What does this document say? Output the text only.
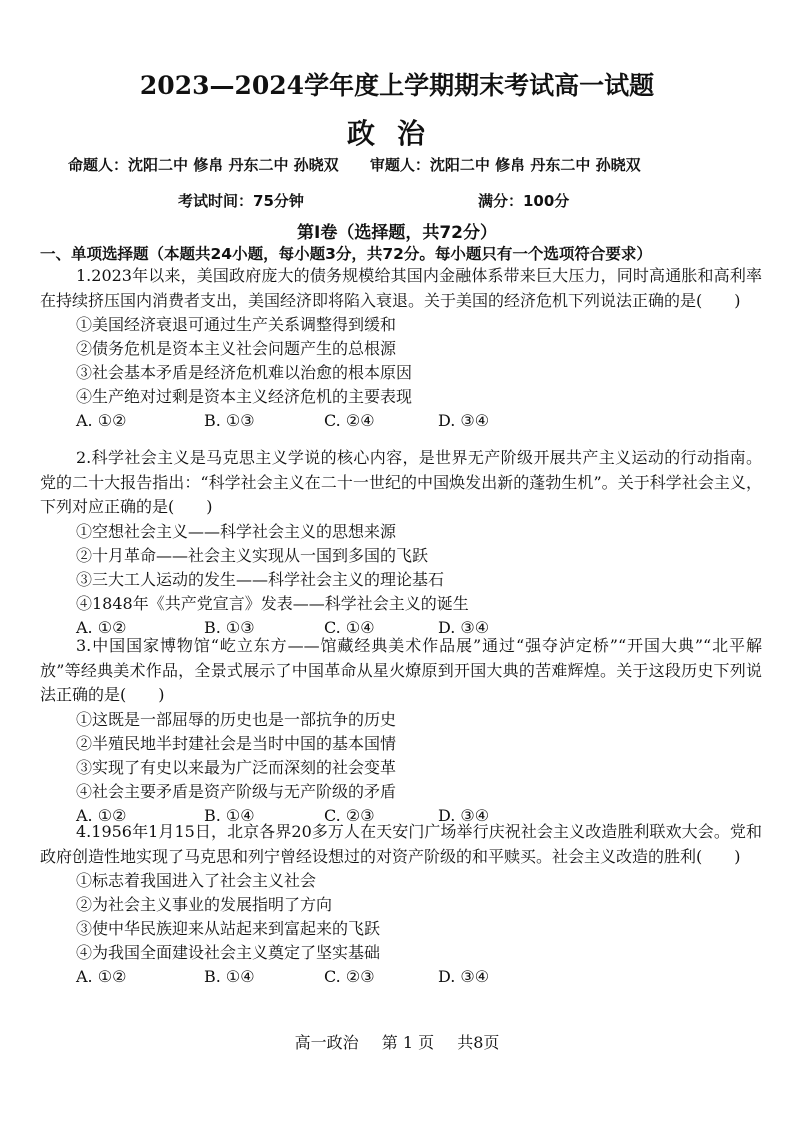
2023—2024学年度上学期期末考试高一试题
政治
命题人：沈阳二中 修帛 丹东二中 孙晓双 审题人：沈阳二中 修帛 丹东二中 孙晓双
考试时间：75分钟	满分：100分
第Ⅰ卷（选择题，共72分）
一、单项选择题（本题共24小题，每小题3分，共72分。每小题只有一个选项符合要求）
1.2023年以来，美国政府庞大的债务规模给其国内金融体系带来巨大压力，同时高通胀和高利率在持续挤压国内消费者支出，美国经济即将陷入衰退。关于美国的经济危机下列说法正确的是(　　)
①美国经济衰退可通过生产关系调整得到缓和
②债务危机是资本主义社会问题产生的总根源
③社会基本矛盾是经济危机难以治愈的根本原因
④生产绝对过剩是资本主义经济危机的主要表现
A. ①②	B. ①③	C. ②④	D. ③④
2.科学社会主义是马克思主义学说的核心内容，是世界无产阶级开展共产主义运动的行动指南。党的二十大报告指出：“科学社会主义在二十一世纪的中国焕发出新的蓬勃生机”。关于科学社会主义，下列对应正确的是(　　)
①空想社会主义——科学社会主义的思想来源
②十月革命——社会主义实现从一国到多国的飞跃
③三大工人运动的发生——科学社会主义的理论基石
④1848年《共产党宣言》发表——科学社会主义的诞生
A. ①②	B. ①③	C. ①④	D. ③④
3.中国国家博物馆“屹立东方——馆藏经典美术作品展”通过“强夺泸定桥”“开国大典”“北平解放”等经典美术作品，全景式展示了中国革命从星火燎原到开国大典的苦难辉煌。关于这段历史下列说法正确的是(　　)
①这既是一部屈辱的历史也是一部抗争的历史
②半殖民地半封建社会是当时中国的基本国情
③实现了有史以来最为广泛而深刻的社会变革
④社会主要矛盾是资产阶级与无产阶级的矛盾
A. ①②	B. ①④	C. ②③	D. ③④
4.1956年1月15日，北京各界20多万人在天安门广场举行庆祝社会主义改造胜利联欢大会。党和政府创造性地实现了马克思和列宁曾经设想过的对资产阶级的和平赎买。社会主义改造的胜利(　　)
①标志着我国进入了社会主义社会
②为社会主义事业的发展指明了方向
③使中华民族迎来从站起来到富起来的飞跃
④为我国全面建设社会主义奠定了坚实基础
A. ①②	B. ①④	C. ②③	D. ③④
高一政治 第 1 页 共8页
